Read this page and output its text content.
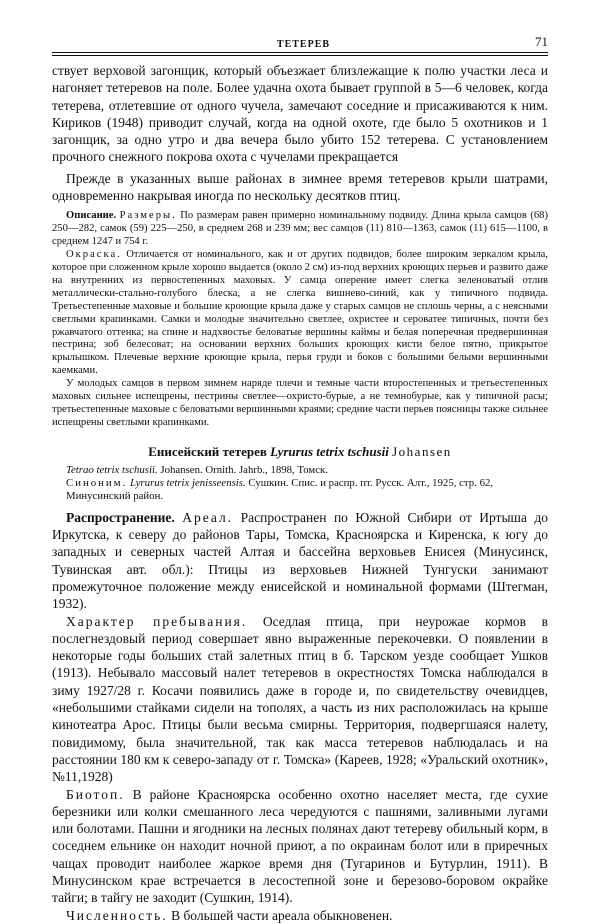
ТЕТЕРЕВ	71

ствует верховой загонщик, который объезжает близлежащие к полю участки леса и нагоняет тетеревов на поле. Более удачна охота бывает группой в 5—6 человек, когда тетерева, отлетевшие от одного чучела, замечают соседние и присаживаются к ним. Кириков (1948) приводит случай, когда на одной охоте, где было 5 охотников и 1 загонщик, за одно утро и два вечера было убито 152 тетерева. С установлением прочного снежного покрова охота с чучелами прекращается

Прежде в указанных выше районах в зимнее время тетеревов крыли шатрами, одновременно накрывая иногда по нескольку десятков птиц.

Описание. Размеры. По размерам равен примерно номинальному подвиду. Длина крыла самцов (68) 250—282, самок (59) 225—250, в среднем 268 и 239 мм; вес самцов (11) 810—1363, самок (11) 615—1100, в среднем 1247 и 754 г.

Окраска. Отличается от номинального, как и от других подвидов, более широким зеркалом крыла, которое при сложенном крыле хорошо выдается (около 2 см) из-под верхних кроющих перьев и развито даже на внутренних из первостепенных маховых. У самца оперение имеет слегка зеленоватый отлив металлически-стально-голубого блеска, а не слегка вишнево-синий, как у типичного подвида. Третьестепенные маховые и большие кроющие крыла даже у старых самцов не сплошь черны, а с неясными светлыми крапинками. Самки и молодые значительно светлее, охристее и сероватее типичных, почти без ржавчатого оттенка; на спине и надхвостье беловатые вершины каймы и белая поперечная предвершинная пестрина; зоб белесоват; на основании верхних больших кроющих кисти белое пятно, прикрытое крылышком. Плечевые верхние кроющие крыла, перья груди и боков с большими белыми вершинными каемками.

У молодых самцов в первом зимнем наряде плечи и темные части второстепенных и третьестепенных маховых сильнее испещрены, пестрины светлее—охристо-бурые, а не темнобурые, как у типичной расы; третьестепенные маховые с беловатыми вершинными краями; средние части перьев поясницы также сильнее испещрены светлыми крапинками.

Енисейский тетерев Lyrurus tetrix tschusii Johansen
Tetrao tetrix tschusii. Johansen. Ornith. Jahrb., 1898, Томск.
Синоним. Lyrurus tetrix jenisseensis. Сушкин. Спис. и распр. пт. Русск. Алт., 1925, стр. 62, Минусинский район.

Распространение. Ареал. Распространен по Южной Сибири от Иртыша до Иркутска, к северу до районов Тары, Томска, Красноярска и Киренска, к югу до западных и северных частей Алтая и бассейна верховьев Енисея (Минусинск, Тувинская авт. обл.): Птицы из верховьев Нижней Тунгуски занимают промежуточное положение между енисейской и номинальной формами (Штегман, 1932).

Характер пребывания. Оседлая птица, при неурожае кормов в послегнездовый период совершает явно выраженные перекочевки. О появлении в некоторые годы больших стай залетных птиц в б. Тарском уезде сообщает Ушков (1913). Небывало массовый налет тетеревов в окрестностях Томска наблюдался в зиму 1927/28 г. Косачи появились даже в городе и, по свидетельству очевидцев, «небольшими стайками сидели на тополях, а часть из них расположилась на крыше кинотеатра Арос. Птицы были весьма смирны. Территория, подвергшаяся налету, повидимому, была значительной, так как масса тетеревов наблюдалась и на расстоянии 180 км к северо-западу от г. Томска» (Кареев, 1928; «Уральский охотник», №11,1928)

Биотоп. В районе Красноярска особенно охотно населяет места, где сухие березники или колки смешанного леса чередуются с пашнями, заливными лугами или болотами. Пашни и ягодники на лесных полянах дают тетереву обильный корм, в соседнем ельнике он находит ночной приют, а по окраинам болот или в приречных чащах проводит наиболее жаркое время дня (Тугаринов и Бутурлин, 1911). В Минусинском крае встречается в лесостепной зоне и березово-боровом окрайке тайги; в тайгу не заходит (Сушкин, 1914).

Численность. В большей части ареала обыкновенен.
